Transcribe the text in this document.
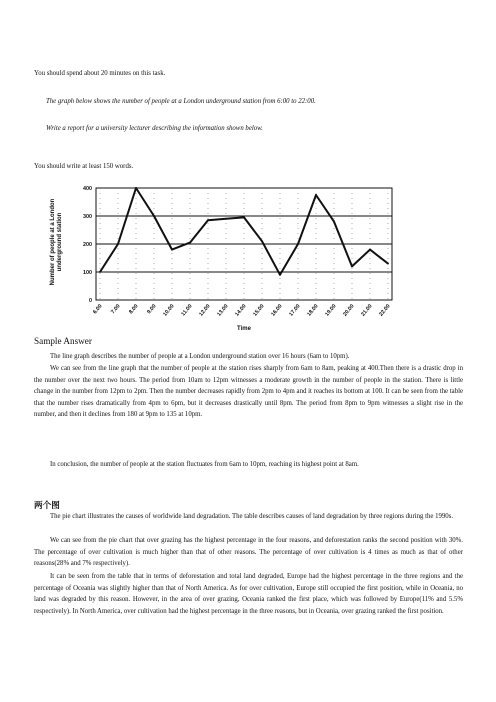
You should spend about 20 minutes on this task.
The graph below shows the number of people at a London underground station from 6:00 to 22:00.
Write a report for a university lecturer describing the information shown below.
You should write at least 150 words.
0
100
200
300
400
6.00 7.00 8.00 9.00 10.00 11.00 12.00 13.00 14.00 15.00 16.00 17.00 18.00 19.00 20.00 21.00 22.00
Number of people at a London underground station
Time
Sample Answer
The line graph describes the number of people at a London underground station over 16 hours (6am to 10pm).
We can see from the line graph that the number of people at the station rises sharply from 6am to 8am, peaking at 400.Then there is a drastic drop in the number over the next two hours. The period from 10am to 12pm witnesses a moderate growth in the number of people in the station. There is little change in the number from 12pm to 2pm. Then the number decreases rapidly from 2pm to 4pm and it reaches its bottom at 100. It can be seen from the table that the number rises dramatically from 4pm to 6pm, but it decreases drastically until 8pm. The period from 8pm to 9pm witnesses a slight rise in the number, and then it declines from 180 at 9pm to 135 at 10pm.
In conclusion, the number of people at the station fluctuates from 6am to 10pm, reaching its highest point at 8am.
两个图
The pie chart illustrates the causes of worldwide land degradation. The table describes causes of land degradation by three regions during the 1990s.
We can see from the pie chart that over grazing has the highest percentage in the four reasons, and deforestation ranks the second position with 30%. The percentage of over cultivation is much higher than that of other reasons. The percentage of over cultivation is 4 times as much as that of other reasons(28% and 7% respectively).
It can be seen from the table that in terms of deforestation and total land degraded, Europe had the highest percentage in the three regions and the percentage of Oceania was slightly higher than that of North America. As for over cultivation, Europe still occupied the first position, while in Oceania, no land was degraded by this reason. However, in the area of over grazing, Oceania ranked the first place, which was followed by Europe(11% and 5.5% respectively). In North America, over cultivation had the highest percentage in the three reasons, but in Oceania, over grazing ranked the first position.
